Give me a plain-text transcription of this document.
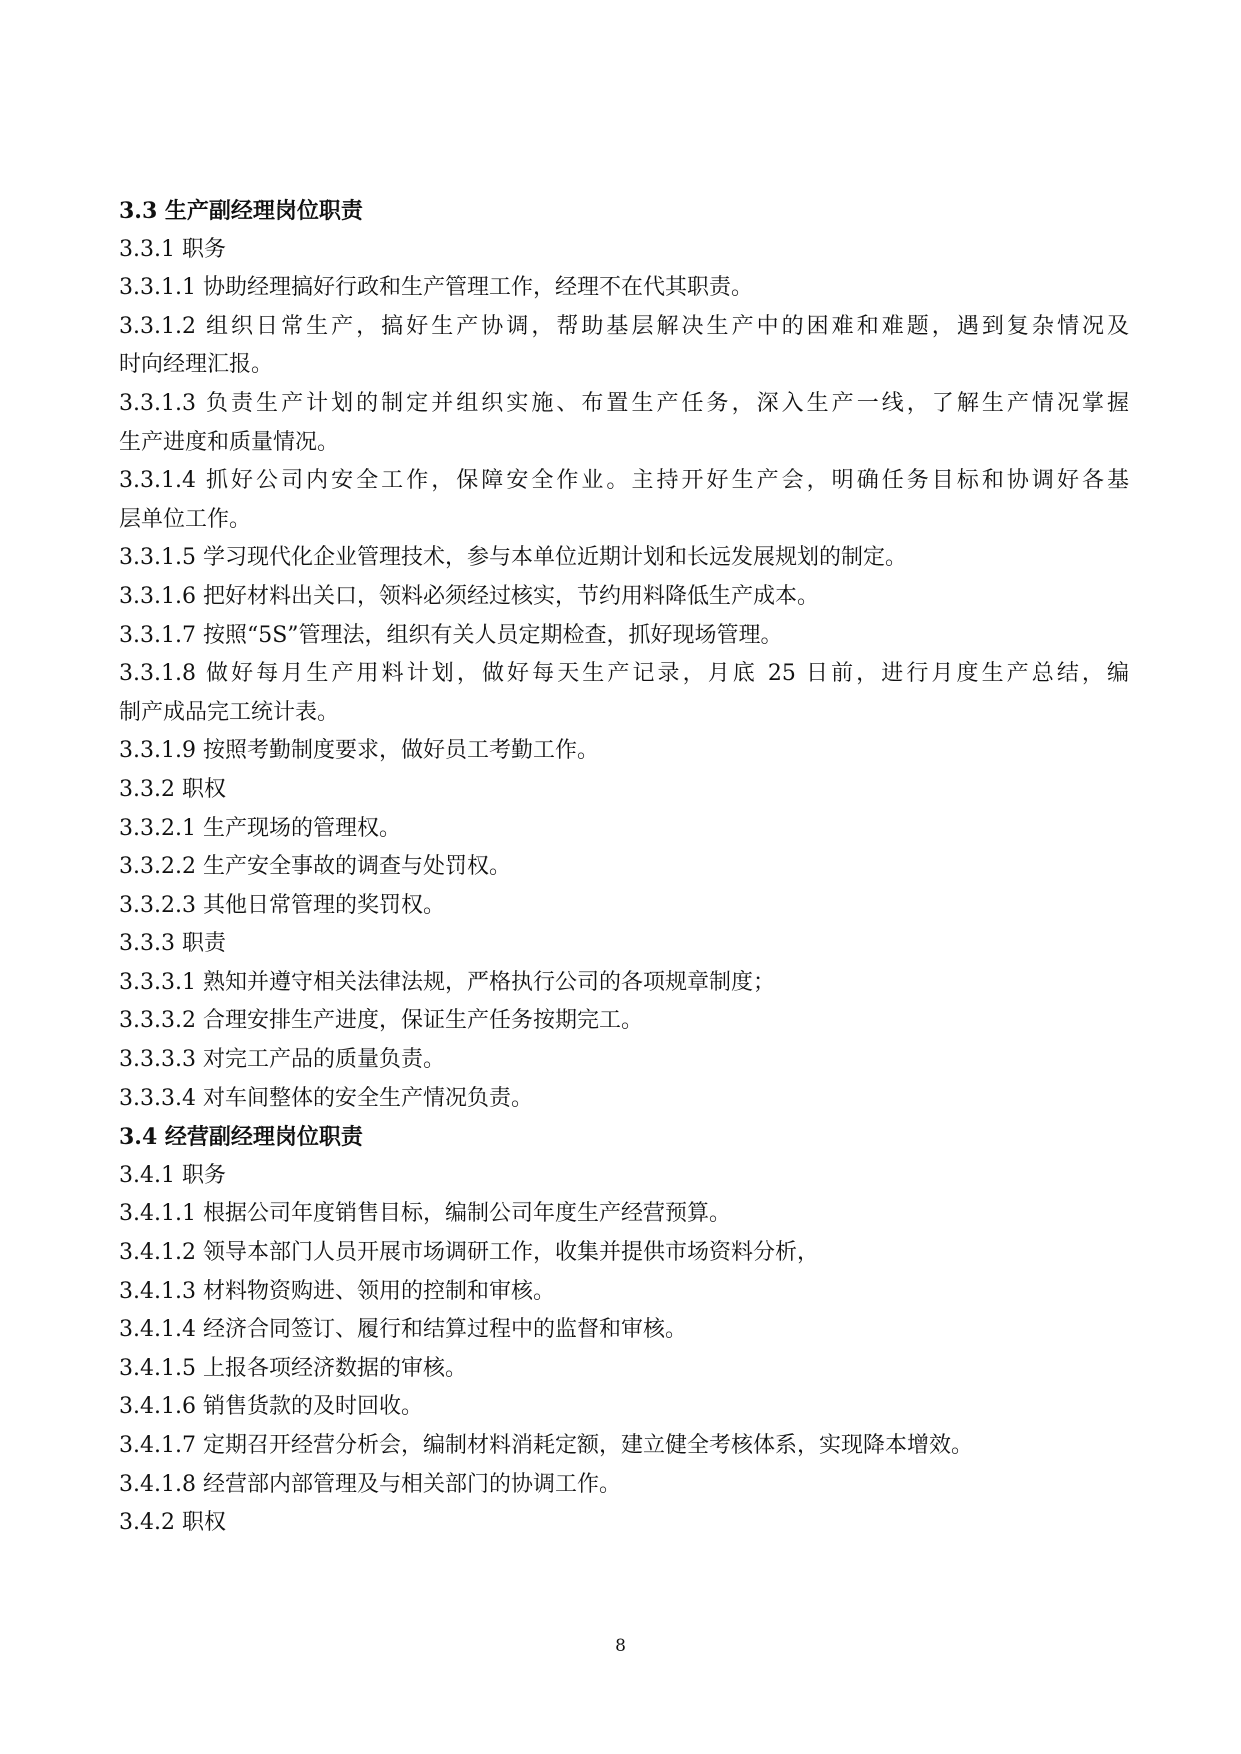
3.3 生产副经理岗位职责
3.3.1 职务
3.3.1.1 协助经理搞好行政和生产管理工作，经理不在代其职责。
3.3.1.2 组织日常生产，搞好生产协调，帮助基层解决生产中的困难和难题，遇到复杂情况及
时向经理汇报。
3.3.1.3 负责生产计划的制定并组织实施、布置生产任务，深入生产一线，了解生产情况掌握
生产进度和质量情况。
3.3.1.4 抓好公司内安全工作，保障安全作业。主持开好生产会，明确任务目标和协调好各基
层单位工作。
3.3.1.5 学习现代化企业管理技术，参与本单位近期计划和长远发展规划的制定。
3.3.1.6 把好材料出关口，领料必须经过核实，节约用料降低生产成本。
3.3.1.7 按照“5S”管理法，组织有关人员定期检查，抓好现场管理。
3.3.1.8 做好每月生产用料计划，做好每天生产记录，月底 25 日前，进行月度生产总结，编
制产成品完工统计表。
3.3.1.9 按照考勤制度要求，做好员工考勤工作。
3.3.2 职权
3.3.2.1 生产现场的管理权。
3.3.2.2 生产安全事故的调查与处罚权。
3.3.2.3 其他日常管理的奖罚权。
3.3.3 职责
3.3.3.1 熟知并遵守相关法律法规，严格执行公司的各项规章制度；
3.3.3.2 合理安排生产进度，保证生产任务按期完工。
3.3.3.3 对完工产品的质量负责。
3.3.3.4 对车间整体的安全生产情况负责。
3.4 经营副经理岗位职责
3.4.1 职务
3.4.1.1 根据公司年度销售目标，编制公司年度生产经营预算。
3.4.1.2 领导本部门人员开展市场调研工作，收集并提供市场资料分析，
3.4.1.3 材料物资购进、领用的控制和审核。
3.4.1.4 经济合同签订、履行和结算过程中的监督和审核。
3.4.1.5 上报各项经济数据的审核。
3.4.1.6 销售货款的及时回收。
3.4.1.7 定期召开经营分析会，编制材料消耗定额，建立健全考核体系，实现降本增效。
3.4.1.8 经营部内部管理及与相关部门的协调工作。
3.4.2 职权
8
